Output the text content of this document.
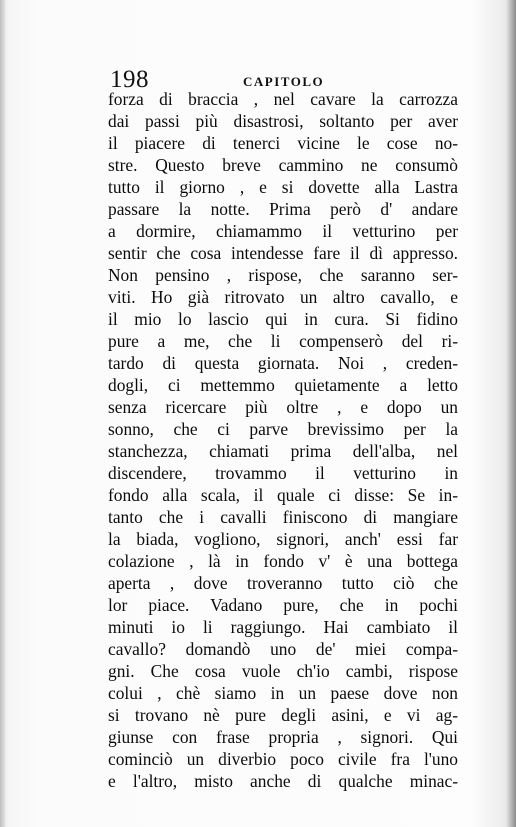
198	CAPITOLO
forza di braccia , nel cavare la carrozza
dai passi più disastrosi, soltanto per aver
il piacere di tenerci vicine le cose no-
stre. Questo breve cammino ne consumò
tutto il giorno , e si dovette alla Lastra
passare la notte. Prima però d' andare
a dormire, chiamammo il vetturino per
sentir che cosa intendesse fare il dì appresso.
Non pensino , rispose, che saranno ser-
viti. Ho già ritrovato un altro cavallo, e
il mio lo lascio qui in cura. Si fidino
pure a me, che li compenserò del ri-
tardo di questa giornata. Noi , creden-
dogli, ci mettemmo quietamente a letto
senza ricercare più oltre , e dopo un
sonno, che ci parve brevissimo per la
stanchezza, chiamati prima dell'alba, nel
discendere, trovammo il vetturino in
fondo alla scala, il quale ci disse: Se in-
tanto che i cavalli finiscono di mangiare
la biada, vogliono, signori, anch' essi far
colazione , là in fondo v' è una bottega
aperta , dove troveranno tutto ciò che
lor piace. Vadano pure, che in pochi
minuti io li raggiungo. Hai cambiato il
cavallo? domandò uno de' miei compa-
gni. Che cosa vuole ch'io cambi, rispose
colui , chè siamo in un paese dove non
si trovano nè pure degli asini, e vi ag-
giunse con frase propria , signori. Qui
cominciò un diverbio poco civile fra l'uno
e l'altro, misto anche di qualche minac-
